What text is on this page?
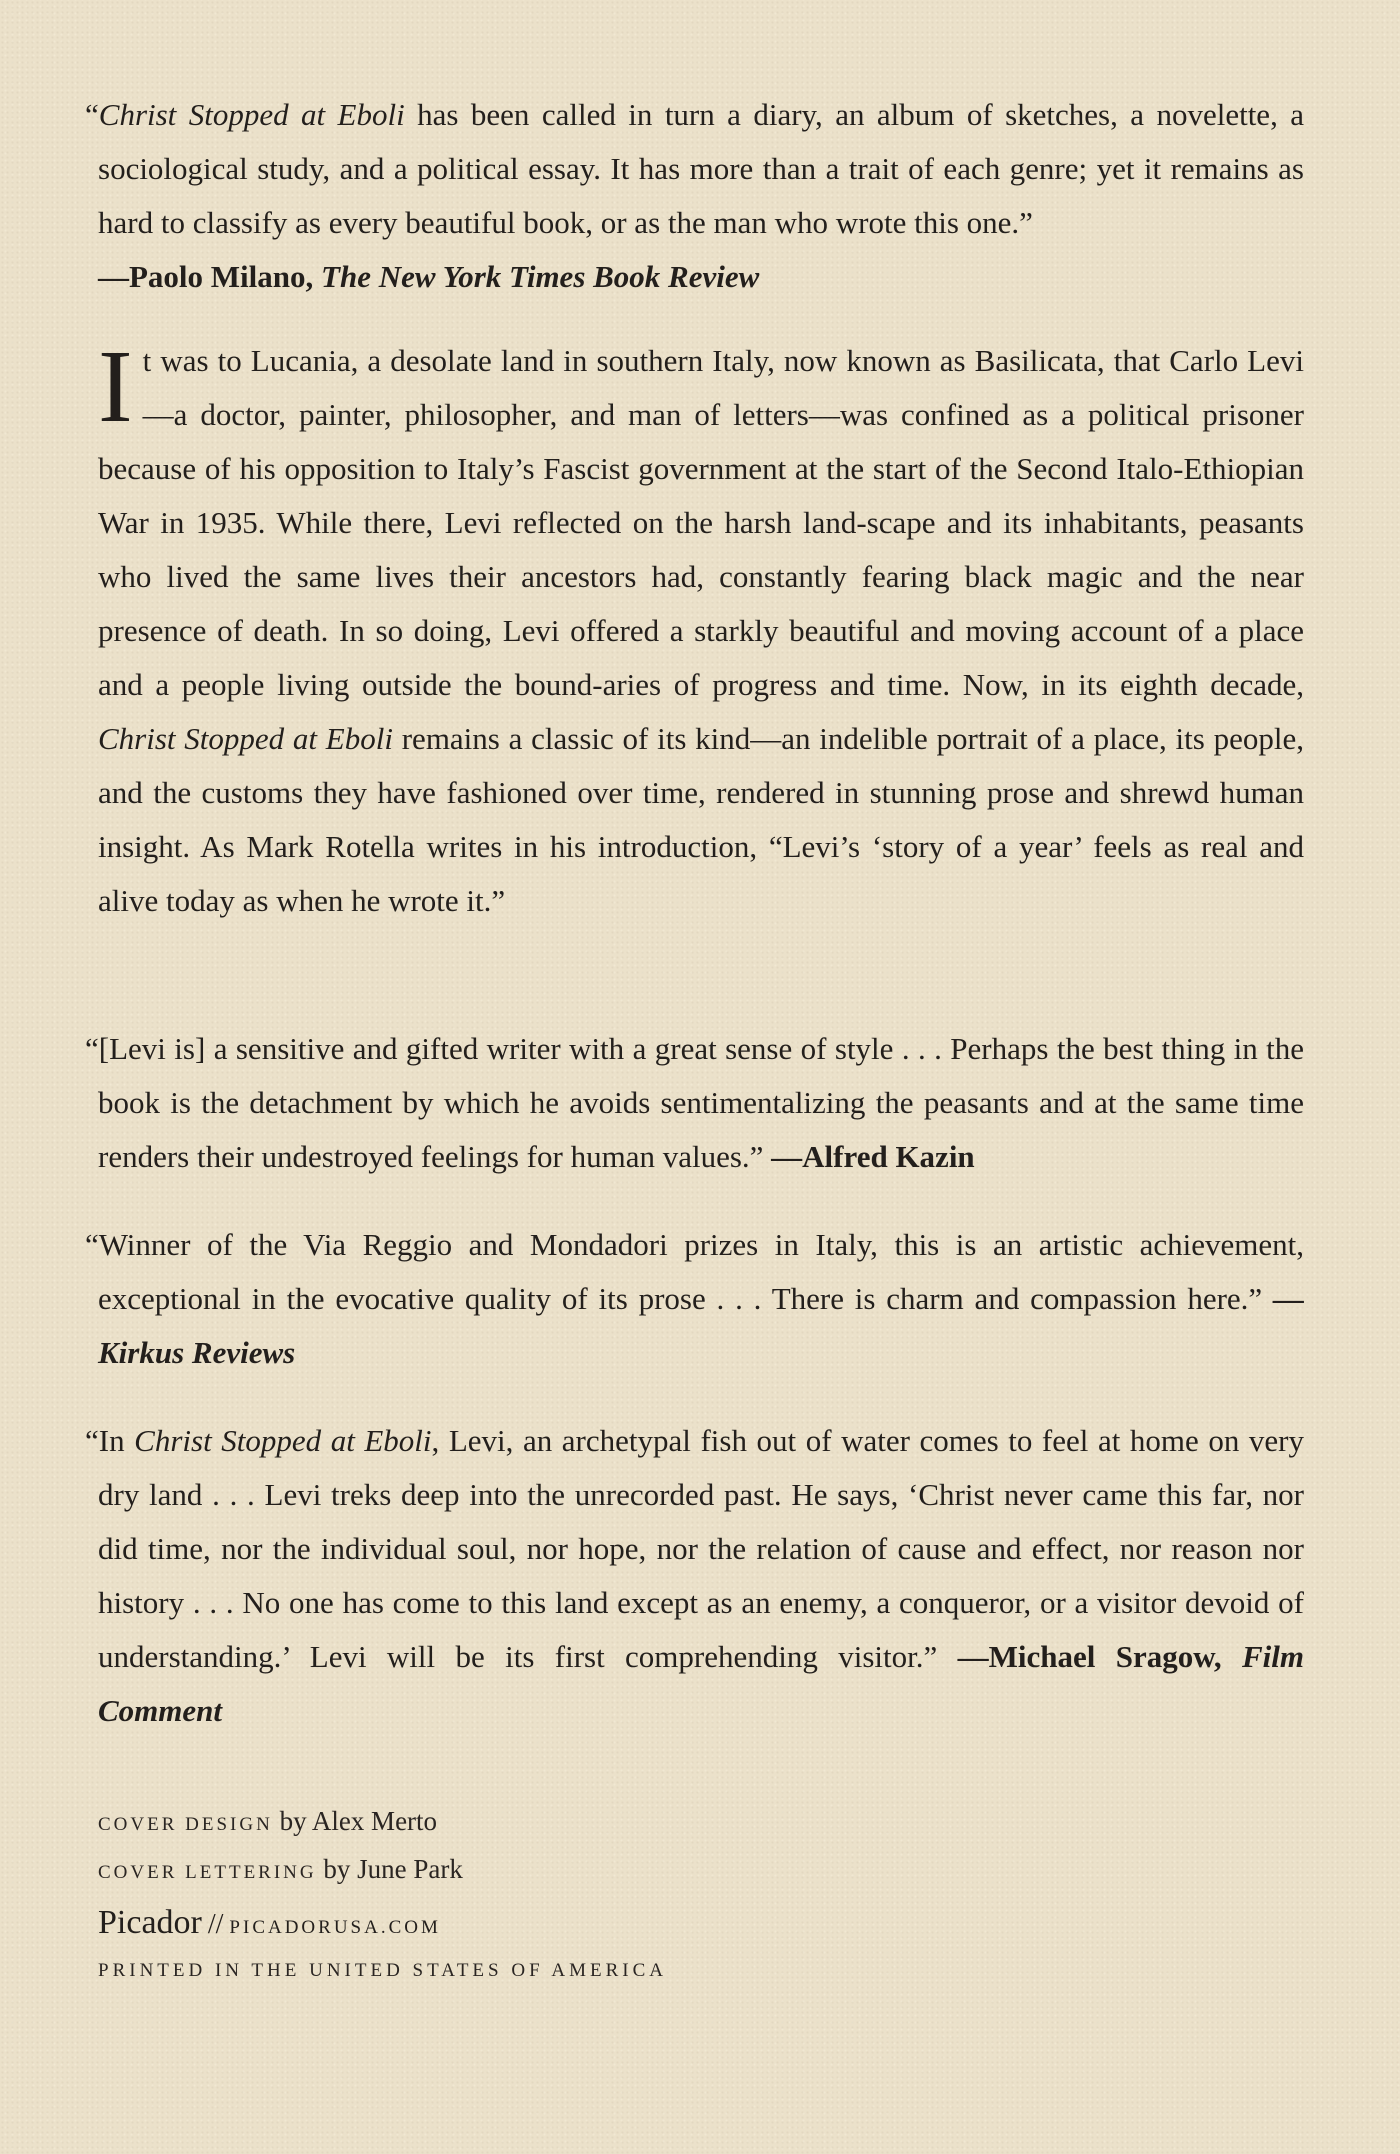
“Christ Stopped at Eboli has been called in turn a diary, an album of sketches, a novelette, a sociological study, and a political essay. It has more than a trait of each genre; yet it remains as hard to classify as every beautiful book, or as the man who wrote this one.”
—Paolo Milano, The New York Times Book Review

It was to Lucania, a desolate land in southern Italy, now known as Basilicata, that Carlo Levi—a doctor, painter, philosopher, and man of letters—was confined as a political prisoner because of his opposition to Italy’s Fascist government at the start of the Second Italo-Ethiopian War in 1935. While there, Levi reflected on the harsh land-scape and its inhabitants, peasants who lived the same lives their ancestors had, constantly fearing black magic and the near presence of death. In so doing, Levi offered a starkly beautiful and moving account of a place and a people living outside the bound-aries of progress and time. Now, in its eighth decade, Christ Stopped at Eboli remains a classic of its kind—an indelible portrait of a place, its people, and the customs they have fashioned over time, rendered in stunning prose and shrewd human insight. As Mark Rotella writes in his introduction, “Levi’s ‘story of a year’ feels as real and alive today as when he wrote it.”

“[Levi is] a sensitive and gifted writer with a great sense of style . . . Perhaps the best thing in the book is the detachment by which he avoids sentimentalizing the peasants and at the same time renders their undestroyed feelings for human values.” —Alfred Kazin

“Winner of the Via Reggio and Mondadori prizes in Italy, this is an artistic achievement, exceptional in the evocative quality of its prose . . . There is charm and compassion here.” —Kirkus Reviews

“In Christ Stopped at Eboli, Levi, an archetypal fish out of water comes to feel at home on very dry land . . . Levi treks deep into the unrecorded past. He says, ‘Christ never came this far, nor did time, nor the individual soul, nor hope, nor the relation of cause and effect, nor reason nor history . . . No one has come to this land except as an enemy, a conqueror, or a visitor devoid of understanding.’ Levi will be its first comprehending visitor.” —Michael Sragow, Film Comment

COVER DESIGN by Alex Merto
COVER LETTERING by June Park
Picador // PICADORUSA.COM
PRINTED IN THE UNITED STATES OF AMERICA
